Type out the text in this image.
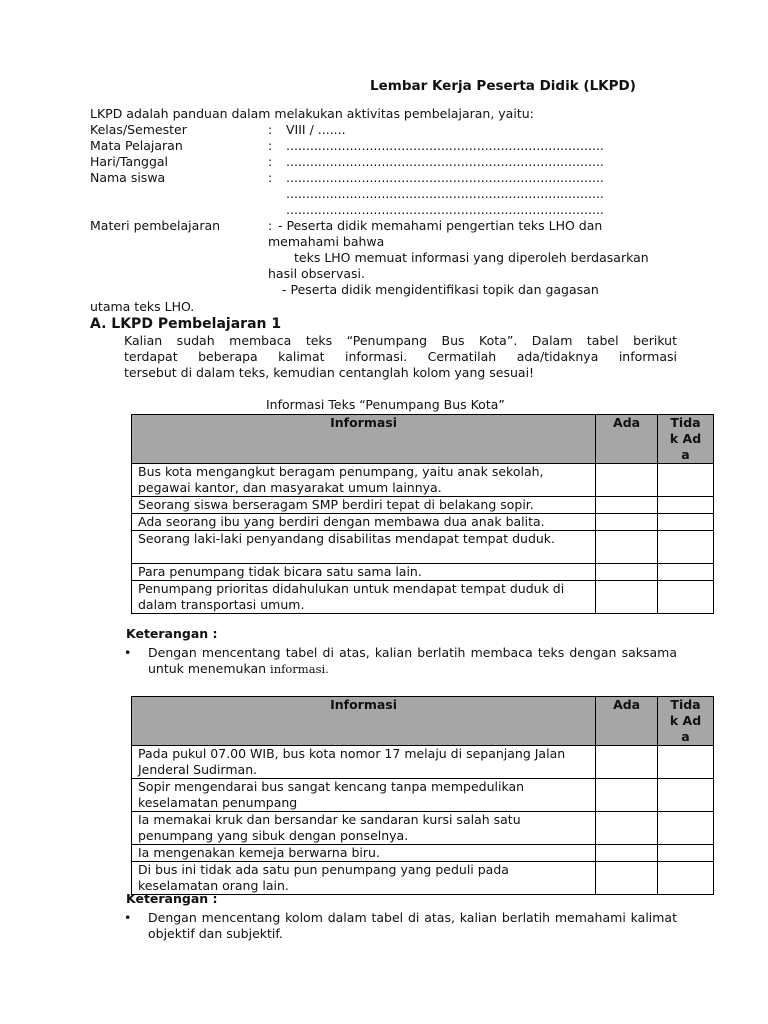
Lembar Kerja Peserta Didik (LKPD)
LKPD adalah panduan dalam melakukan aktivitas pembelajaran, yaitu:
Kelas/Semester	: VIII / .......
Mata Pelajaran	: ................................................................................
Hari/Tanggal	: ................................................................................
Nama siswa	: ................................................................................
................................................................................
................................................................................
Materi pembelajaran	: - Peserta didik memahami pengertian teks LHO dan
memahami bahwa
teks LHO memuat informasi yang diperoleh berdasarkan
hasil observasi.
- Peserta didik mengidentifikasi topik dan gagasan
utama teks LHO.
A. LKPD Pembelajaran 1
Kalian sudah membaca teks “Penumpang Bus Kota”. Dalam tabel berikut
terdapat beberapa kalimat informasi. Cermatilah ada/tidaknya informasi
tersebut di dalam teks, kemudian centanglah kolom yang sesuai!
Informasi Teks “Penumpang Bus Kota”
Informasi	Ada	Tidak Ada
Bus kota mengangkut beragam penumpang, yaitu anak sekolah, pegawai kantor, dan masyarakat umum lainnya.		
Seorang siswa berseragam SMP berdiri tepat di belakang sopir.		
Ada seorang ibu yang berdiri dengan membawa dua anak balita.		
Seorang laki-laki penyandang disabilitas mendapat tempat duduk.		
Para penumpang tidak bicara satu sama lain.		
Penumpang prioritas didahulukan untuk mendapat tempat duduk di dalam transportasi umum.		
Keterangan :
• Dengan mencentang tabel di atas, kalian berlatih membaca teks dengan saksama untuk menemukan informasi.
Informasi	Ada	Tidak Ada
Pada pukul 07.00 WIB, bus kota nomor 17 melaju di sepanjang Jalan Jenderal Sudirman.		
Sopir mengendarai bus sangat kencang tanpa mempedulikan keselamatan penumpang		
Ia memakai kruk dan bersandar ke sandaran kursi salah satu penumpang yang sibuk dengan ponselnya.		
Ia mengenakan kemeja berwarna biru.		
Di bus ini tidak ada satu pun penumpang yang peduli pada keselamatan orang lain.		
Keterangan :
• Dengan mencentang kolom dalam tabel di atas, kalian berlatih memahami kalimat objektif dan subjektif.
